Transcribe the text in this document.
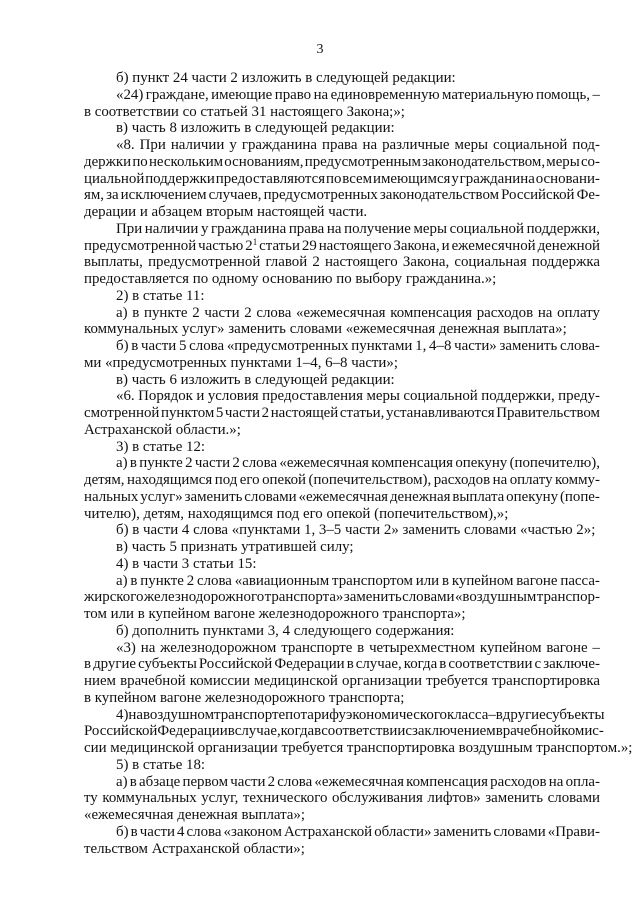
3
б) пункт 24 части 2 изложить в следующей редакции:
«24) граждане, имеющие право на единовременную материальную помощь, –
в соответствии со статьей 31 настоящего Закона;»;
в) часть 8 изложить в следующей редакции:
«8. При наличии у гражданина права на различные меры социальной под-
держки по нескольким основаниям, предусмотренным законодательством, меры со-
циальной поддержки предоставляются по всем имеющимся у гражданина основани-
ям, за исключением случаев, предусмотренных законодательством Российской Фе-
дерации и абзацем вторым настоящей части.
При наличии у гражданина права на получение меры социальной поддержки,
предусмотренной частью $2^1$ статьи 29 настоящего Закона, и ежемесячной денежной
выплаты, предусмотренной главой 2 настоящего Закона, социальная поддержка
предоставляется по одному основанию по выбору гражданина.»;
2) в статье 11:
а) в пункте 2 части 2 слова «ежемесячная компенсация расходов на оплату
коммунальных услуг» заменить словами «ежемесячная денежная выплата»;
б) в части 5 слова «предусмотренных пунктами 1, 4–8 части» заменить слова-
ми «предусмотренных пунктами 1–4, 6–8 части»;
в) часть 6 изложить в следующей редакции:
«6. Порядок и условия предоставления меры социальной поддержки, преду-
смотренной пунктом 5 части 2 настоящей статьи, устанавливаются Правительством
Астраханской области.»;
3) в статье 12:
а) в пункте 2 части 2 слова «ежемесячная компенсация опекуну (попечителю),
детям, находящимся под его опекой (попечительством), расходов на оплату комму-
нальных услуг» заменить словами «ежемесячная денежная выплата опекуну (попе-
чителю), детям, находящимся под его опекой (попечительством),»;
б) в части 4 слова «пунктами 1, 3–5 части 2» заменить словами «частью 2»;
в) часть 5 признать утратившей силу;
4) в части 3 статьи 15:
а) в пункте 2 слова «авиационным транспортом или в купейном вагоне пасса-
жирского железнодорожного транспорта» заменить словами «воздушным транспор-
том или в купейном вагоне железнодорожного транспорта»;
б) дополнить пунктами 3, 4 следующего содержания:
«3) на железнодорожном транспорте в четырехместном купейном вагоне –
в другие субъекты Российской Федерации в случае, когда в соответствии с заключе-
нием врачебной комиссии медицинской организации требуется транспортировка
в купейном вагоне железнодорожного транспорта;
4) на воздушном транспорте по тарифу экономического класса – в другие субъекты
Российской Федерации в случае, когда в соответствии с заключением врачебной комис-
сии медицинской организации требуется транспортировка воздушным транспортом.»;
5) в статье 18:
а) в абзаце первом части 2 слова «ежемесячная компенсация расходов на опла-
ту коммунальных услуг, технического обслуживания лифтов» заменить словами
«ежемесячная денежная выплата»;
б) в части 4 слова «законом Астраханской области» заменить словами «Прави-
тельством Астраханской области»;
